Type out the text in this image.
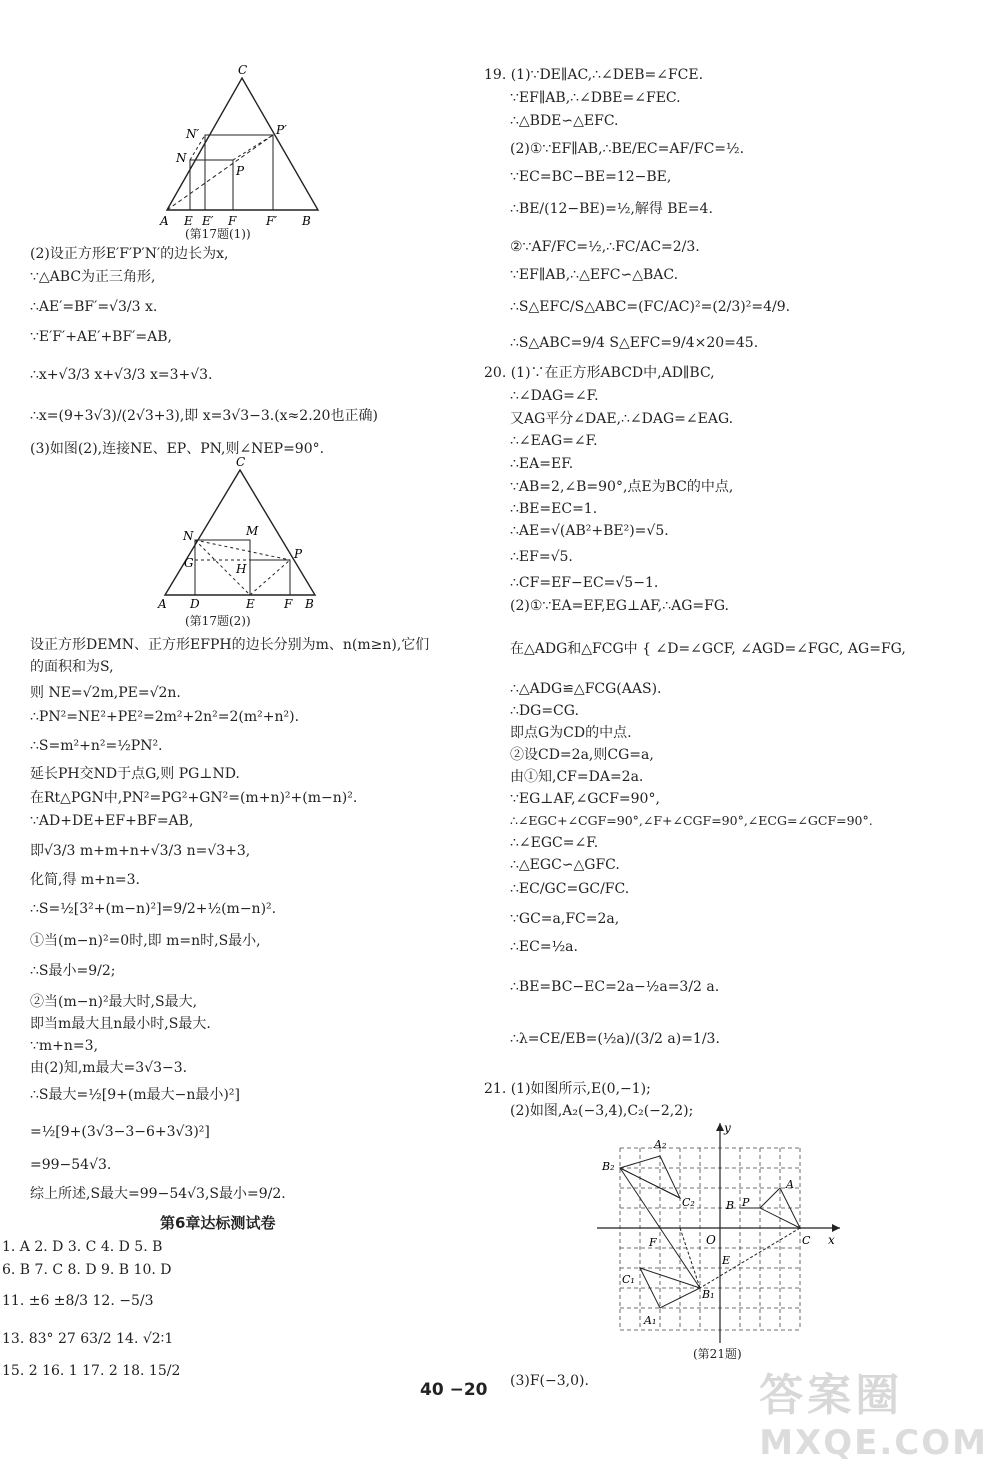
C
N′
N
P′
P
A E E′ F F′ B
(第17题(1))
(2)设正方形E′F′P′N′的边长为x,
∵△ABC为正三角形,
∴AE′=BF′=√3/3 x.
∵E′F′+AE′+BF′=AB,
∴x+√3/3 x+√3/3 x=3+√3.
∴x=(9+3√3)/(2√3+3),即 x=3√3−3.(x≈2.20也正确)
(3)如图(2),连接NE、EP、PN,则∠NEP=90°.
C
M
N
P
G	H
A D	E F B
(第17题(2))
设正方形DEMN、正方形EFPH的边长分别为m、n(m≥n),它们
的面积和为S,
则 NE=√2m,PE=√2n.
∴PN²=NE²+PE²=2m²+2n²=2(m²+n²).
∴S=m²+n²=½PN².
延长PH交ND于点G,则 PG⊥ND.
在Rt△PGN中,PN²=PG²+GN²=(m+n)²+(m−n)².
∵AD+DE+EF+BF=AB,
即√3/3 m+m+n+√3/3 n=√3+3,
化简,得 m+n=3.
∴S=½[3²+(m−n)²]=9/2+½(m−n)².
①当(m−n)²=0时,即 m=n时,S最小,
∴S最小=9/2;
②当(m−n)²最大时,S最大,
即当m最大且n最小时,S最大.
∵m+n=3,
由(2)知,m最大=3√3−3.
∴S最大=½[9+(m最大−n最小)²]
=½[9+(3√3−3−6+3√3)²]
=99−54√3.
综上所述,S最大=99−54√3,S最小=9/2.
第6章达标测试卷
1. A 2. D 3. C 4. D 5. B
6. B 7. C 8. D 9. B 10. D
11. ±6 ±8/3 12. −5/3
13. 83° 27 63/2 14. √2∶1
15. 2 16. 1 17. 2 18. 15/2
19. (1)∵DE∥AC,∴∠DEB=∠FCE.
∵EF∥AB,∴∠DBE=∠FEC.
∴△BDE∽△EFC.
(2)①∵EF∥AB,∴BE/EC=AF/FC=½.
∵EC=BC−BE=12−BE,
∴BE/(12−BE)=½,解得 BE=4.
②∵AF/FC=½,∴FC/AC=2/3.
∵EF∥AB,∴△EFC∽△BAC.
∴S△EFC/S△ABC=(FC/AC)²=(2/3)²=4/9.
∴S△ABC=9/4 S△EFC=9/4×20=45.
20. (1)∵在正方形ABCD中,AD∥BC,
∴∠DAG=∠F.
又AG平分∠DAE,∴∠DAG=∠EAG.
∴∠EAG=∠F.
∴EA=EF.
∵AB=2,∠B=90°,点E为BC的中点,
∴BE=EC=1.
∴AE=√(AB²+BE²)=√5.
∴EF=√5.
∴CF=EF−EC=√5−1.
(2)①∵EA=EF,EG⊥AF,∴AG=FG.
在△ADG和△FCG中 { ∠D=∠GCF, ∠AGD=∠FGC, AG=FG,
∴△ADG≌△FCG(AAS).
∴DG=CG.
即点G为CD的中点.
②设CD=2a,则CG=a,
由①知,CF=DA=2a.
∵EG⊥AF,∠GCF=90°,
∴∠EGC+∠CGF=90°,∠F+∠CGF=90°,∠ECG=∠GCF=90°.
∴∠EGC=∠F.
∴△EGC∽△GFC.
∴EC/GC=GC/FC.
∵GC=a,FC=2a,
∴EC=½a.
∴BE=BC−EC=2a−½a=3/2 a.
∴λ=CE/EB=(½a)/(3/2 a)=1/3.
21. (1)如图所示,E(0,−1);
(2)如图,A₂(−3,4),C₂(−2,2);
y
x
O
A₂
B₂
C₂	B P
A
C
F
E
C₁
B₁
A₁
(第21题)
(3)F(−3,0).
40 −20	答案圈
MXQE.COM
